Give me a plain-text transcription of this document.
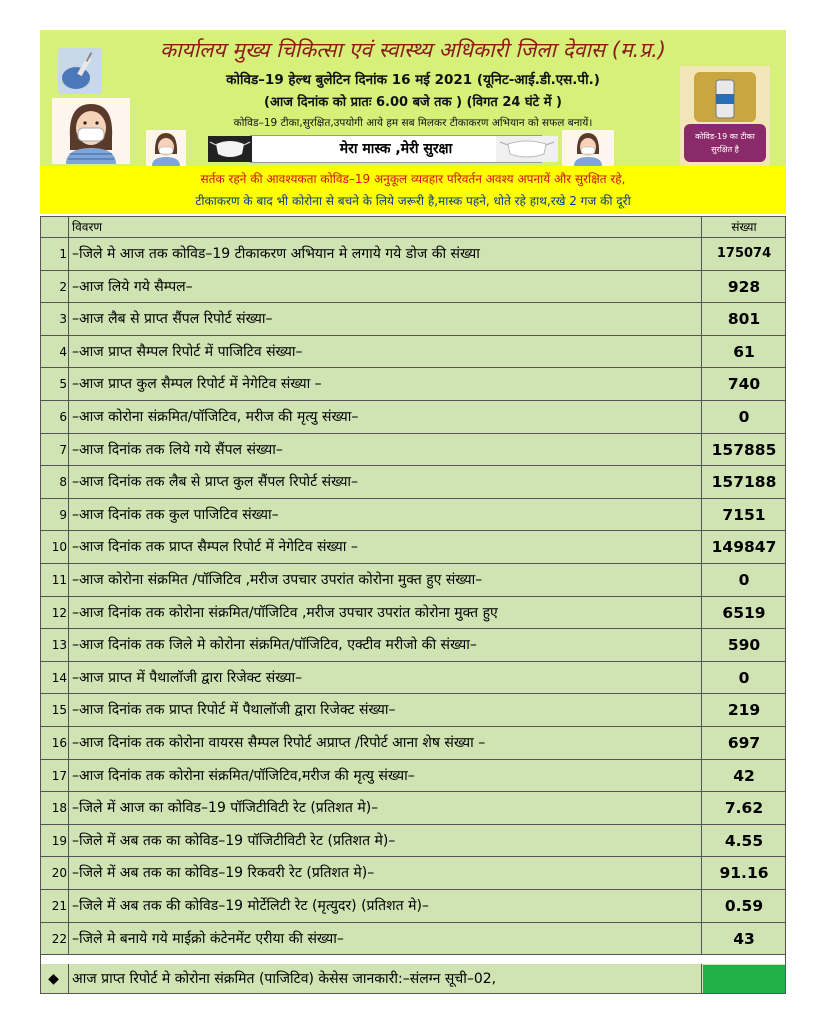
कार्यालय मुख्य चिकित्सा एवं स्वास्थ्य अधिकारी जिला देवास (म.प्र.)
कोविड–19 हेल्थ बुलेटिन दिनांक 16 मई 2021 (यूनिट-आई.डी.एस.पी.)
(आज दिनांक को प्रातः 6.00 बजे तक ) (विगत 24 घंटे में )
कोविड–19 टीका,सुरक्षित,उपयोगी आये हम सब मिलकर टीकाकरण अभियान को सफल बनायें।
मेरा मास्क ,मेरी सुरक्षा
कोविड-19 का टीका
सुरक्षित है
सर्तक रहने की आवश्यकता कोविड–19 अनुकूल व्यवहार परिवर्तन अवश्य अपनायें और सुरक्षित रहे,
टीकाकरण के बाद भी कोरोना से बचने के लिये जरूरी है,मास्क पहने, धोते रहे हाथ,रखे 2 गज की दूरी
विवरण	संख्या
1 –जिले मे आज तक कोविड–19 टीकाकरण अभियान मे लगाये गये डोज की संख्या	175074
2 –आज लिये गये सैम्पल–	928
3 –आज लैब से प्राप्त सैंपल रिपोर्ट संख्या–	801
4 –आज प्राप्त सैम्पल रिपोर्ट में पाजिटिव संख्या–	61
5 –आज प्राप्त कुल सैम्पल रिपोर्ट में नेगेटिव संख्या –	740
6 –आज कोरोना संक्रमित/पॉजिटिव, मरीज की मृत्यु संख्या–	0
7 –आज दिनांक तक लिये गये सैंपल संख्या–	157885
8 –आज दिनांक तक लैब से प्राप्त कुल सैंपल रिपोर्ट संख्या–	157188
9 –आज दिनांक तक कुल पाजिटिव संख्या–	7151
10 –आज दिनांक तक प्राप्त सैम्पल रिपोर्ट में नेगेटिव संख्या –	149847
11 –आज कोरोना संक्रमित /पॉजिटिव ,मरीज उपचार उपरांत कोरोना मुक्त हुए संख्या–	0
12 –आज दिनांक तक कोरोना संक्रमित/पॉजिटिव ,मरीज उपचार उपरांत कोरोना मुक्त हुए	6519
13 –आज दिनांक तक जिले मे कोरोना संक्रमित/पॉजिटिव, एक्टीव मरीजो की संख्या–	590
14 –आज प्राप्त में पैथालॉजी द्वारा रिजेक्ट संख्या–	0
15 –आज दिनांक तक प्राप्त रिपोर्ट में पैथालॉजी द्वारा रिजेक्ट संख्या–	219
16 –आज दिनांक तक कोरोना वायरस सैम्पल रिपोर्ट अप्राप्त /रिपोर्ट आना शेष संख्या –	697
17 –आज दिनांक तक कोरोना संक्रमित/पॉजिटिव,मरीज की मृत्यु संख्या–	42
18 –जिले में आज का कोविड–19 पॉजिटीविटी रेट (प्रतिशत मे)–	7.62
19 –जिले में अब तक का कोविड–19 पॉजिटीविटी रेट (प्रतिशत मे)–	4.55
20 –जिले में अब तक का कोविड–19 रिकवरी रेट (प्रतिशत मे)–	91.16
21 –जिले में अब तक की कोविड–19 मोर्टेलिटी रेट (मृत्युदर) (प्रतिशत मे)–	0.59
22 –जिले मे बनाये गये माईक्रो कंटेनमेंट एरीया की संख्या–	43
◆ आज प्राप्त रिपोर्ट मे कोरोना संक्रमित (पाजिटिव) केसेस जानकारी:–संलग्न सूची–02,
